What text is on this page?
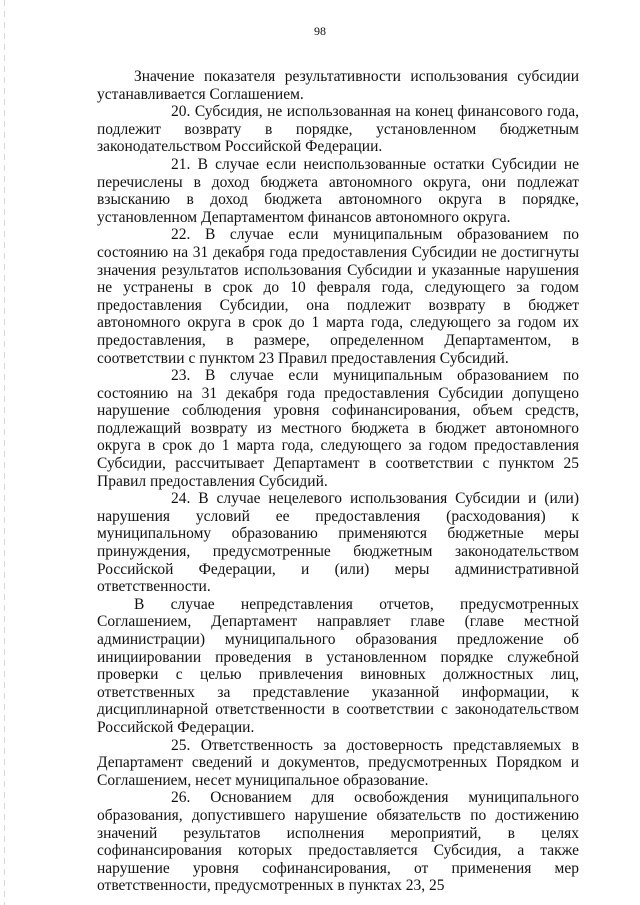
98

Значение показателя результативности использования субсидии устанавливается Соглашением.

20. Субсидия, не использованная на конец финансового года, подлежит возврату в порядке, установленном бюджетным законодательством Российской Федерации.

21. В случае если неиспользованные остатки Субсидии не перечислены в доход бюджета автономного округа, они подлежат взысканию в доход бюджета автономного округа в порядке, установленном Департаментом финансов автономного округа.

22. В случае если муниципальным образованием по состоянию на 31 декабря года предоставления Субсидии не достигнуты значения результатов использования Субсидии и указанные нарушения не устранены в срок до 10 февраля года, следующего за годом предоставления Субсидии, она подлежит возврату в бюджет автономного округа в срок до 1 марта года, следующего за годом их предоставления, в размере, определенном Департаментом, в соответствии с пунктом 23 Правил предоставления Субсидий.

23. В случае если муниципальным образованием по состоянию на 31 декабря года предоставления Субсидии допущено нарушение соблюдения уровня софинансирования, объем средств, подлежащий возврату из местного бюджета в бюджет автономного округа в срок до 1 марта года, следующего за годом предоставления Субсидии, рассчитывает Департамент в соответствии с пунктом 25 Правил предоставления Субсидий.

24. В случае нецелевого использования Субсидии и (или) нарушения условий ее предоставления (расходования) к муниципальному образованию применяются бюджетные меры принуждения, предусмотренные бюджетным законодательством Российской Федерации, и (или) меры административной ответственности.

В случае непредставления отчетов, предусмотренных Соглашением, Департамент направляет главе (главе местной администрации) муниципального образования предложение об инициировании проведения в установленном порядке служебной проверки с целью привлечения виновных должностных лиц, ответственных за представление указанной информации, к дисциплинарной ответственности в соответствии с законодательством Российской Федерации.

25. Ответственность за достоверность представляемых в Департамент сведений и документов, предусмотренных Порядком и Соглашением, несет муниципальное образование.

26. Основанием для освобождения муниципального образования, допустившего нарушение обязательств по достижению значений результатов исполнения мероприятий, в целях софинансирования которых предоставляется Субсидия, а также нарушение уровня софинансирования, от применения мер ответственности, предусмотренных в пунктах 23, 25
